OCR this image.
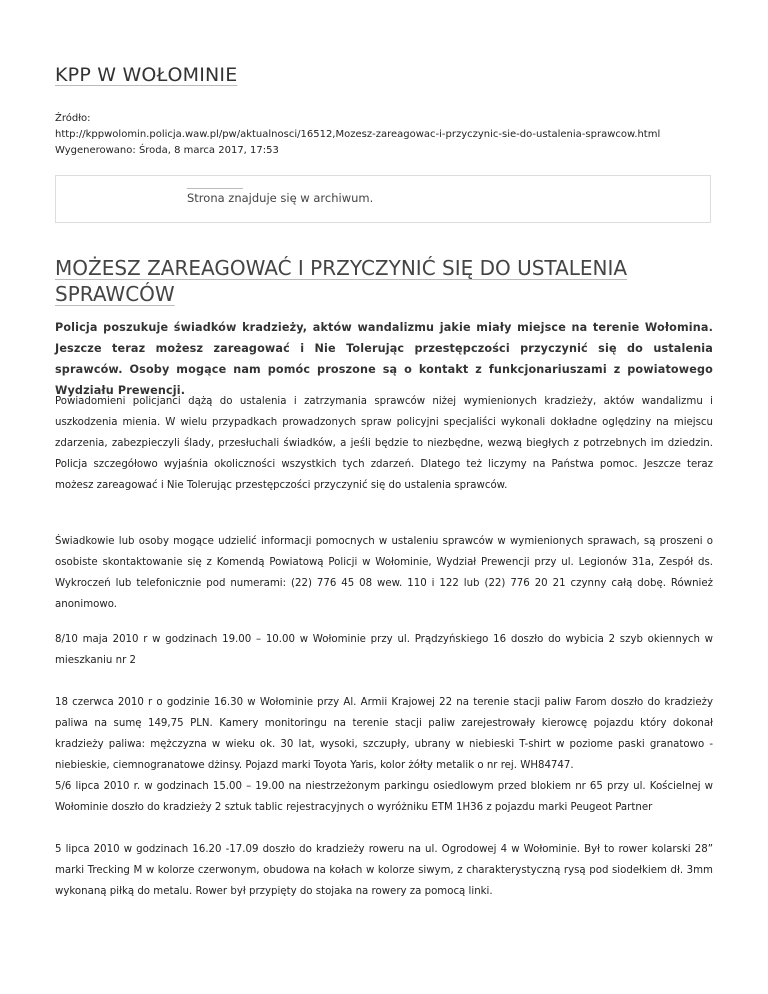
KPP W WOŁOMINIE
Źródło:
http://kppwolomin.policja.waw.pl/pw/aktualnosci/16512,Mozesz-zareagowac-i-przyczynic-sie-do-ustalenia-sprawcow.html
Wygenerowano: Środa, 8 marca 2017, 17:53
Strona znajduje się w archiwum.
MOŻESZ ZAREAGOWAĆ I PRZYCZYNIĆ SIĘ DO USTALENIA SPRAWCÓW

Policja poszukuje świadków kradzieży, aktów wandalizmu jakie miały miejsce na terenie Wołomina. Jeszcze teraz możesz zareagować i Nie Tolerując przestępczości przyczynić się do ustalenia sprawców. Osoby mogące nam pomóc proszone są o kontakt z funkcjonariuszami z powiatowego Wydziału Prewencji.

Powiadomieni policjanci dążą do ustalenia i zatrzymania sprawców niżej wymienionych kradzieży, aktów wandalizmu i uszkodzenia mienia. W wielu przypadkach prowadzonych spraw policyjni specjaliści wykonali dokładne oględziny na miejscu zdarzenia, zabezpieczyli ślady, przesłuchali świadków, a jeśli będzie to niezbędne, wezwą biegłych z potrzebnych im dziedzin. Policja szczegółowo wyjaśnia okoliczności wszystkich tych zdarzeń. Dlatego też liczymy na Państwa pomoc. Jeszcze teraz możesz zareagować i Nie Tolerując przestępczości przyczynić się do ustalenia sprawców.

Świadkowie lub osoby mogące udzielić informacji pomocnych w ustaleniu sprawców w wymienionych sprawach, są proszeni o osobiste skontaktowanie się z Komendą Powiatową Policji w Wołominie, Wydział Prewencji przy ul. Legionów 31a, Zespół ds. Wykroczeń lub telefonicznie pod numerami: (22) 776 45 08 wew. 110 i 122 lub (22) 776 20 21 czynny całą dobę. Również anonimowo.

8/10 maja 2010 r w godzinach 19.00 – 10.00 w Wołominie przy ul. Prądzyńskiego 16 doszło do wybicia 2 szyb okiennych w mieszkaniu nr 2

18 czerwca 2010 r o godzinie 16.30 w Wołominie przy Al. Armii Krajowej 22 na terenie stacji paliw Farom doszło do kradzieży paliwa na sumę 149,75 PLN. Kamery monitoringu na terenie stacji paliw zarejestrowały kierowcę pojazdu który dokonał kradzieży paliwa: mężczyzna w wieku ok. 30 lat, wysoki, szczupły, ubrany w niebieski T-shirt w poziome paski granatowo - niebieskie, ciemnogranatowe dżinsy. Pojazd marki Toyota Yaris, kolor żółty metalik o nr rej. WH84747.

5/6 lipca 2010 r. w godzinach 15.00 – 19.00 na niestrzeżonym parkingu osiedlowym przed blokiem nr 65 przy ul. Kościelnej w Wołominie doszło do kradzieży 2 sztuk tablic rejestracyjnych o wyróżniku ETM 1H36 z pojazdu marki Peugeot Partner

5 lipca 2010 w godzinach 16.20 -17.09 doszło do kradzieży roweru na ul. Ogrodowej 4 w Wołominie. Był to rower kolarski 28” marki Trecking M w kolorze czerwonym, obudowa na kołach w kolorze siwym, z charakterystyczną rysą pod siodełkiem dł. 3mm wykonaną piłką do metalu. Rower był przypięty do stojaka na rowery za pomocą linki.
